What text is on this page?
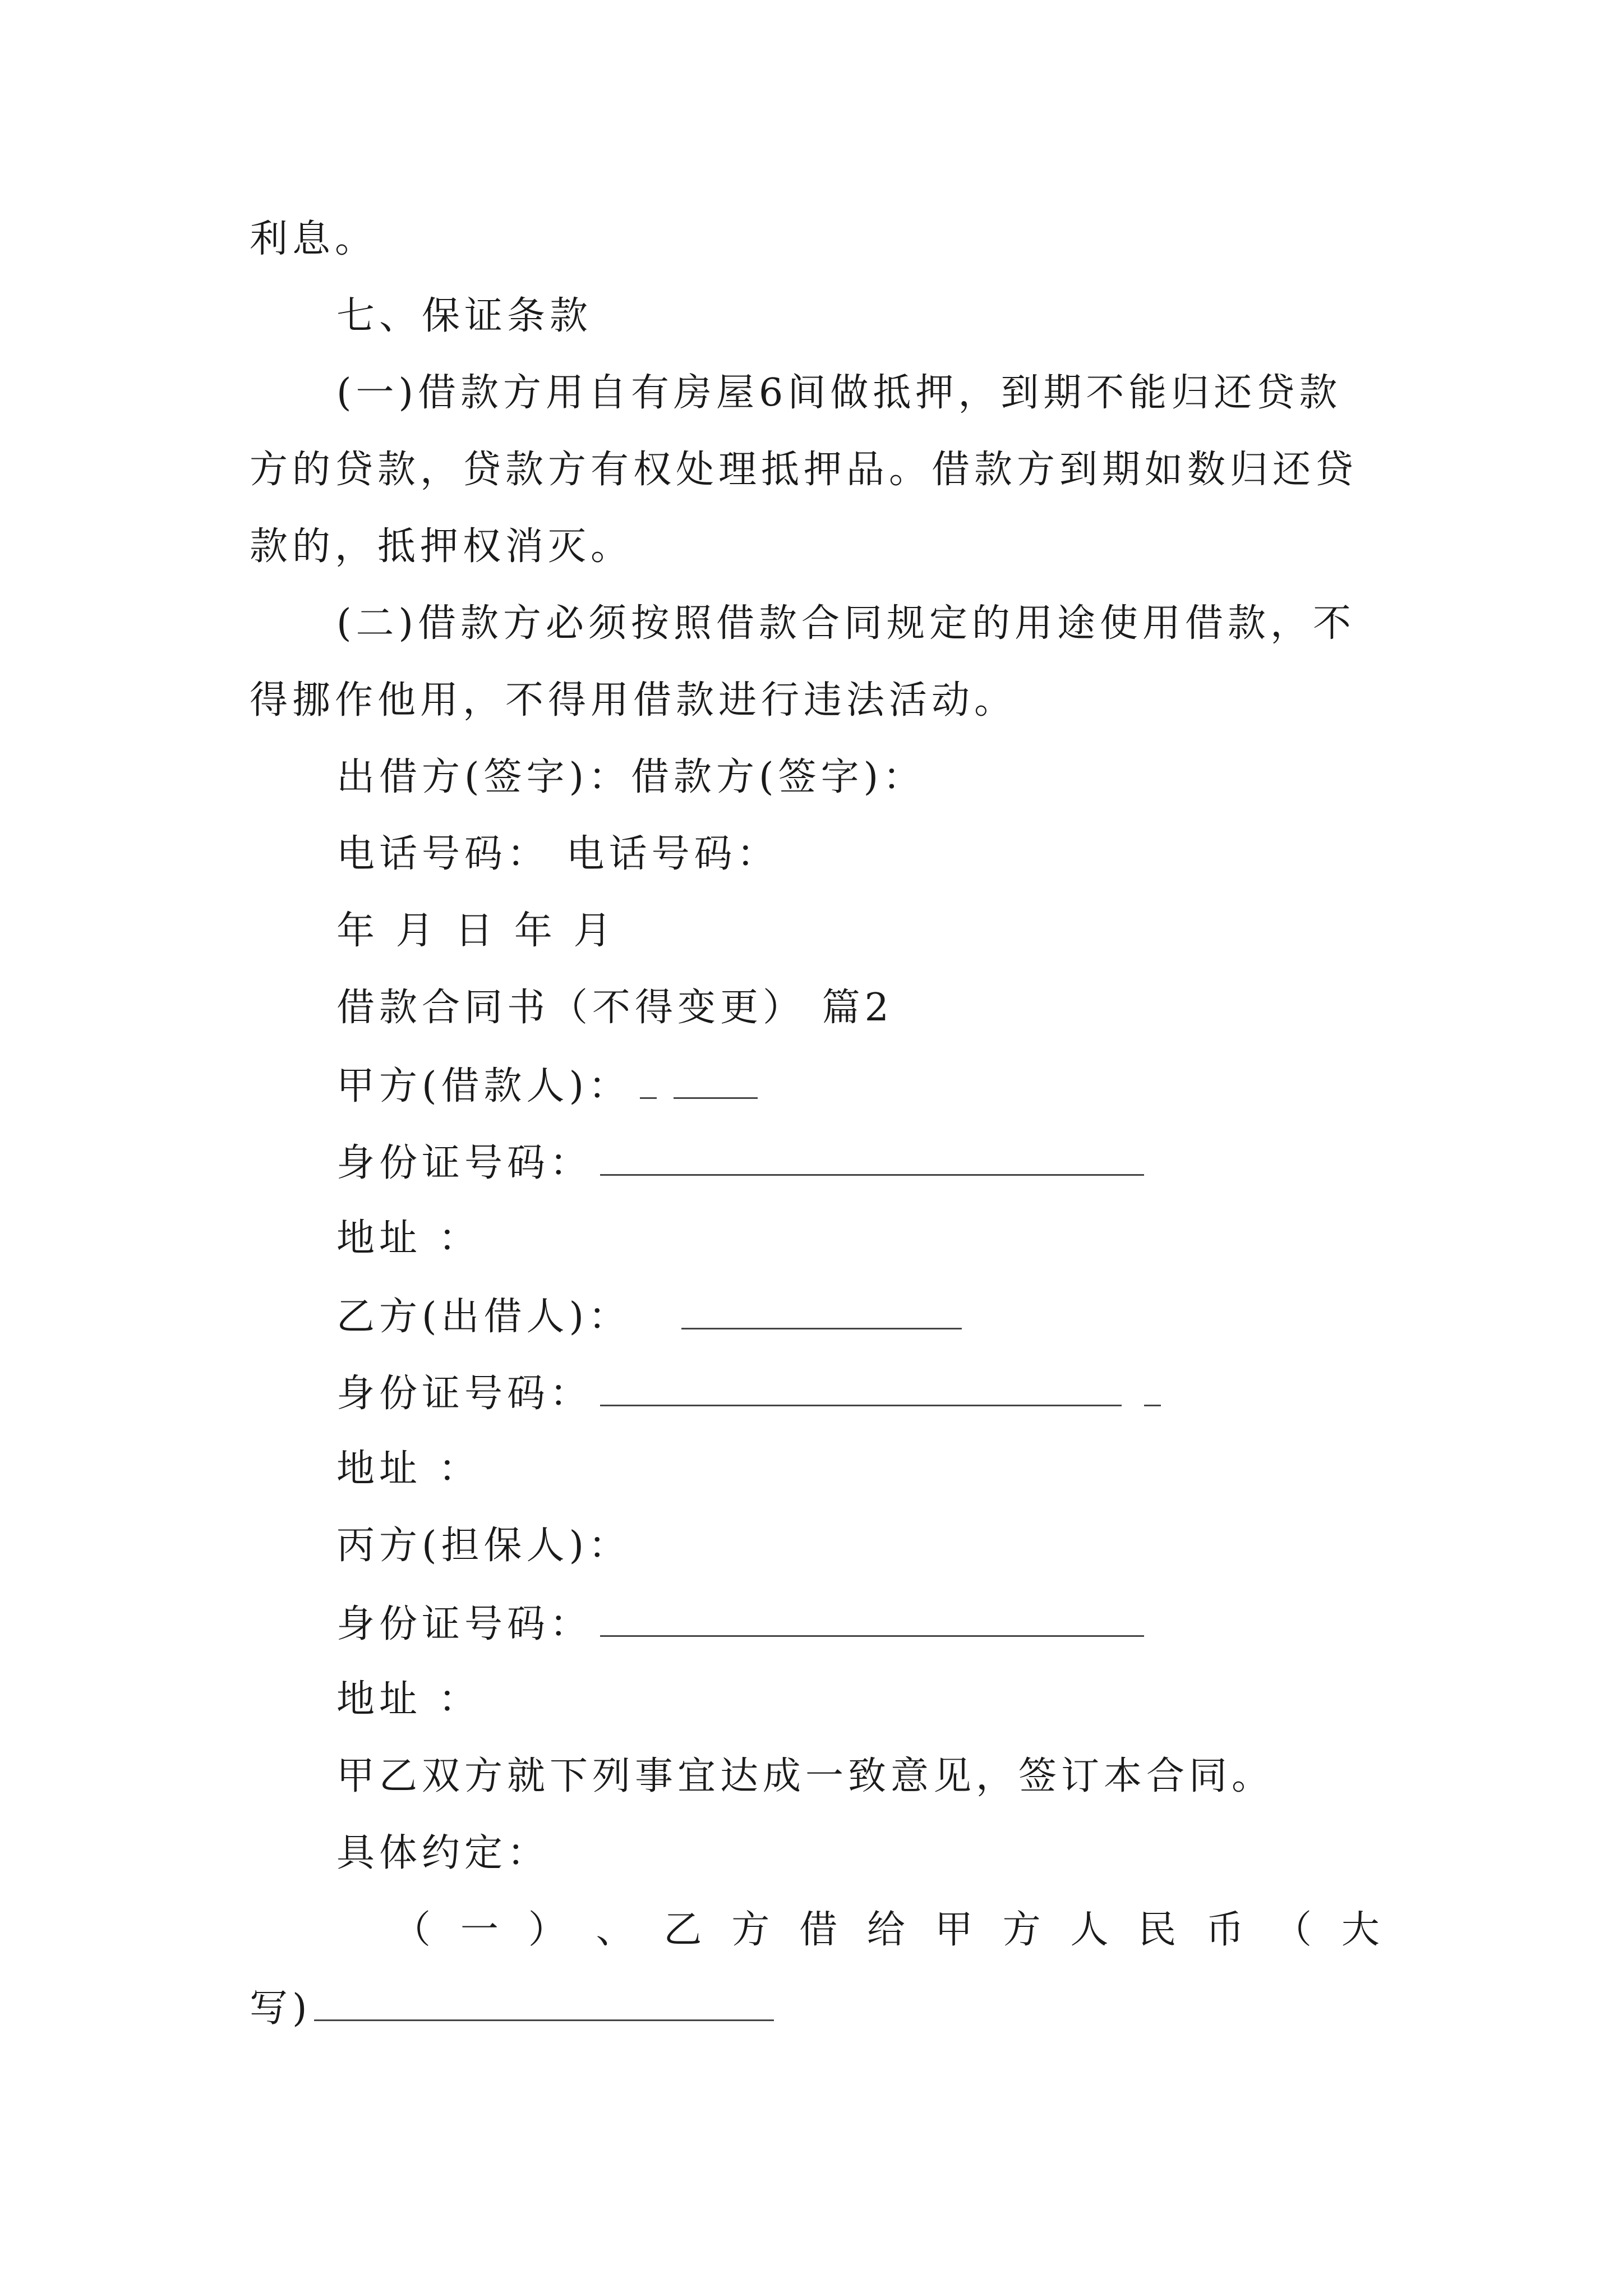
利息。
七、保证条款
(一)借款方用自有房屋6间做抵押，到期不能归还贷款
方的贷款，贷款方有权处理抵押品。借款方到期如数归还贷
款的，抵押权消灭。
(二)借款方必须按照借款合同规定的用途使用借款，不
得挪作他用，不得用借款进行违法活动。
出借方(签字)：借款方(签字)：
电话号码： 电话号码：
年 月 日 年 月
借款合同书（不得变更） 篇2
甲方(借款人)：
身份证号码：
地址 ：
乙方(出借人)：
身份证号码：
地址 ：
丙方(担保人)：
身份证号码：
地址 ：
甲乙双方就下列事宜达成一致意见，签订本合同。
具体约定：
（ 一 ） 、 乙 方 借 给 甲 方 人 民 币 （ 大
写)
